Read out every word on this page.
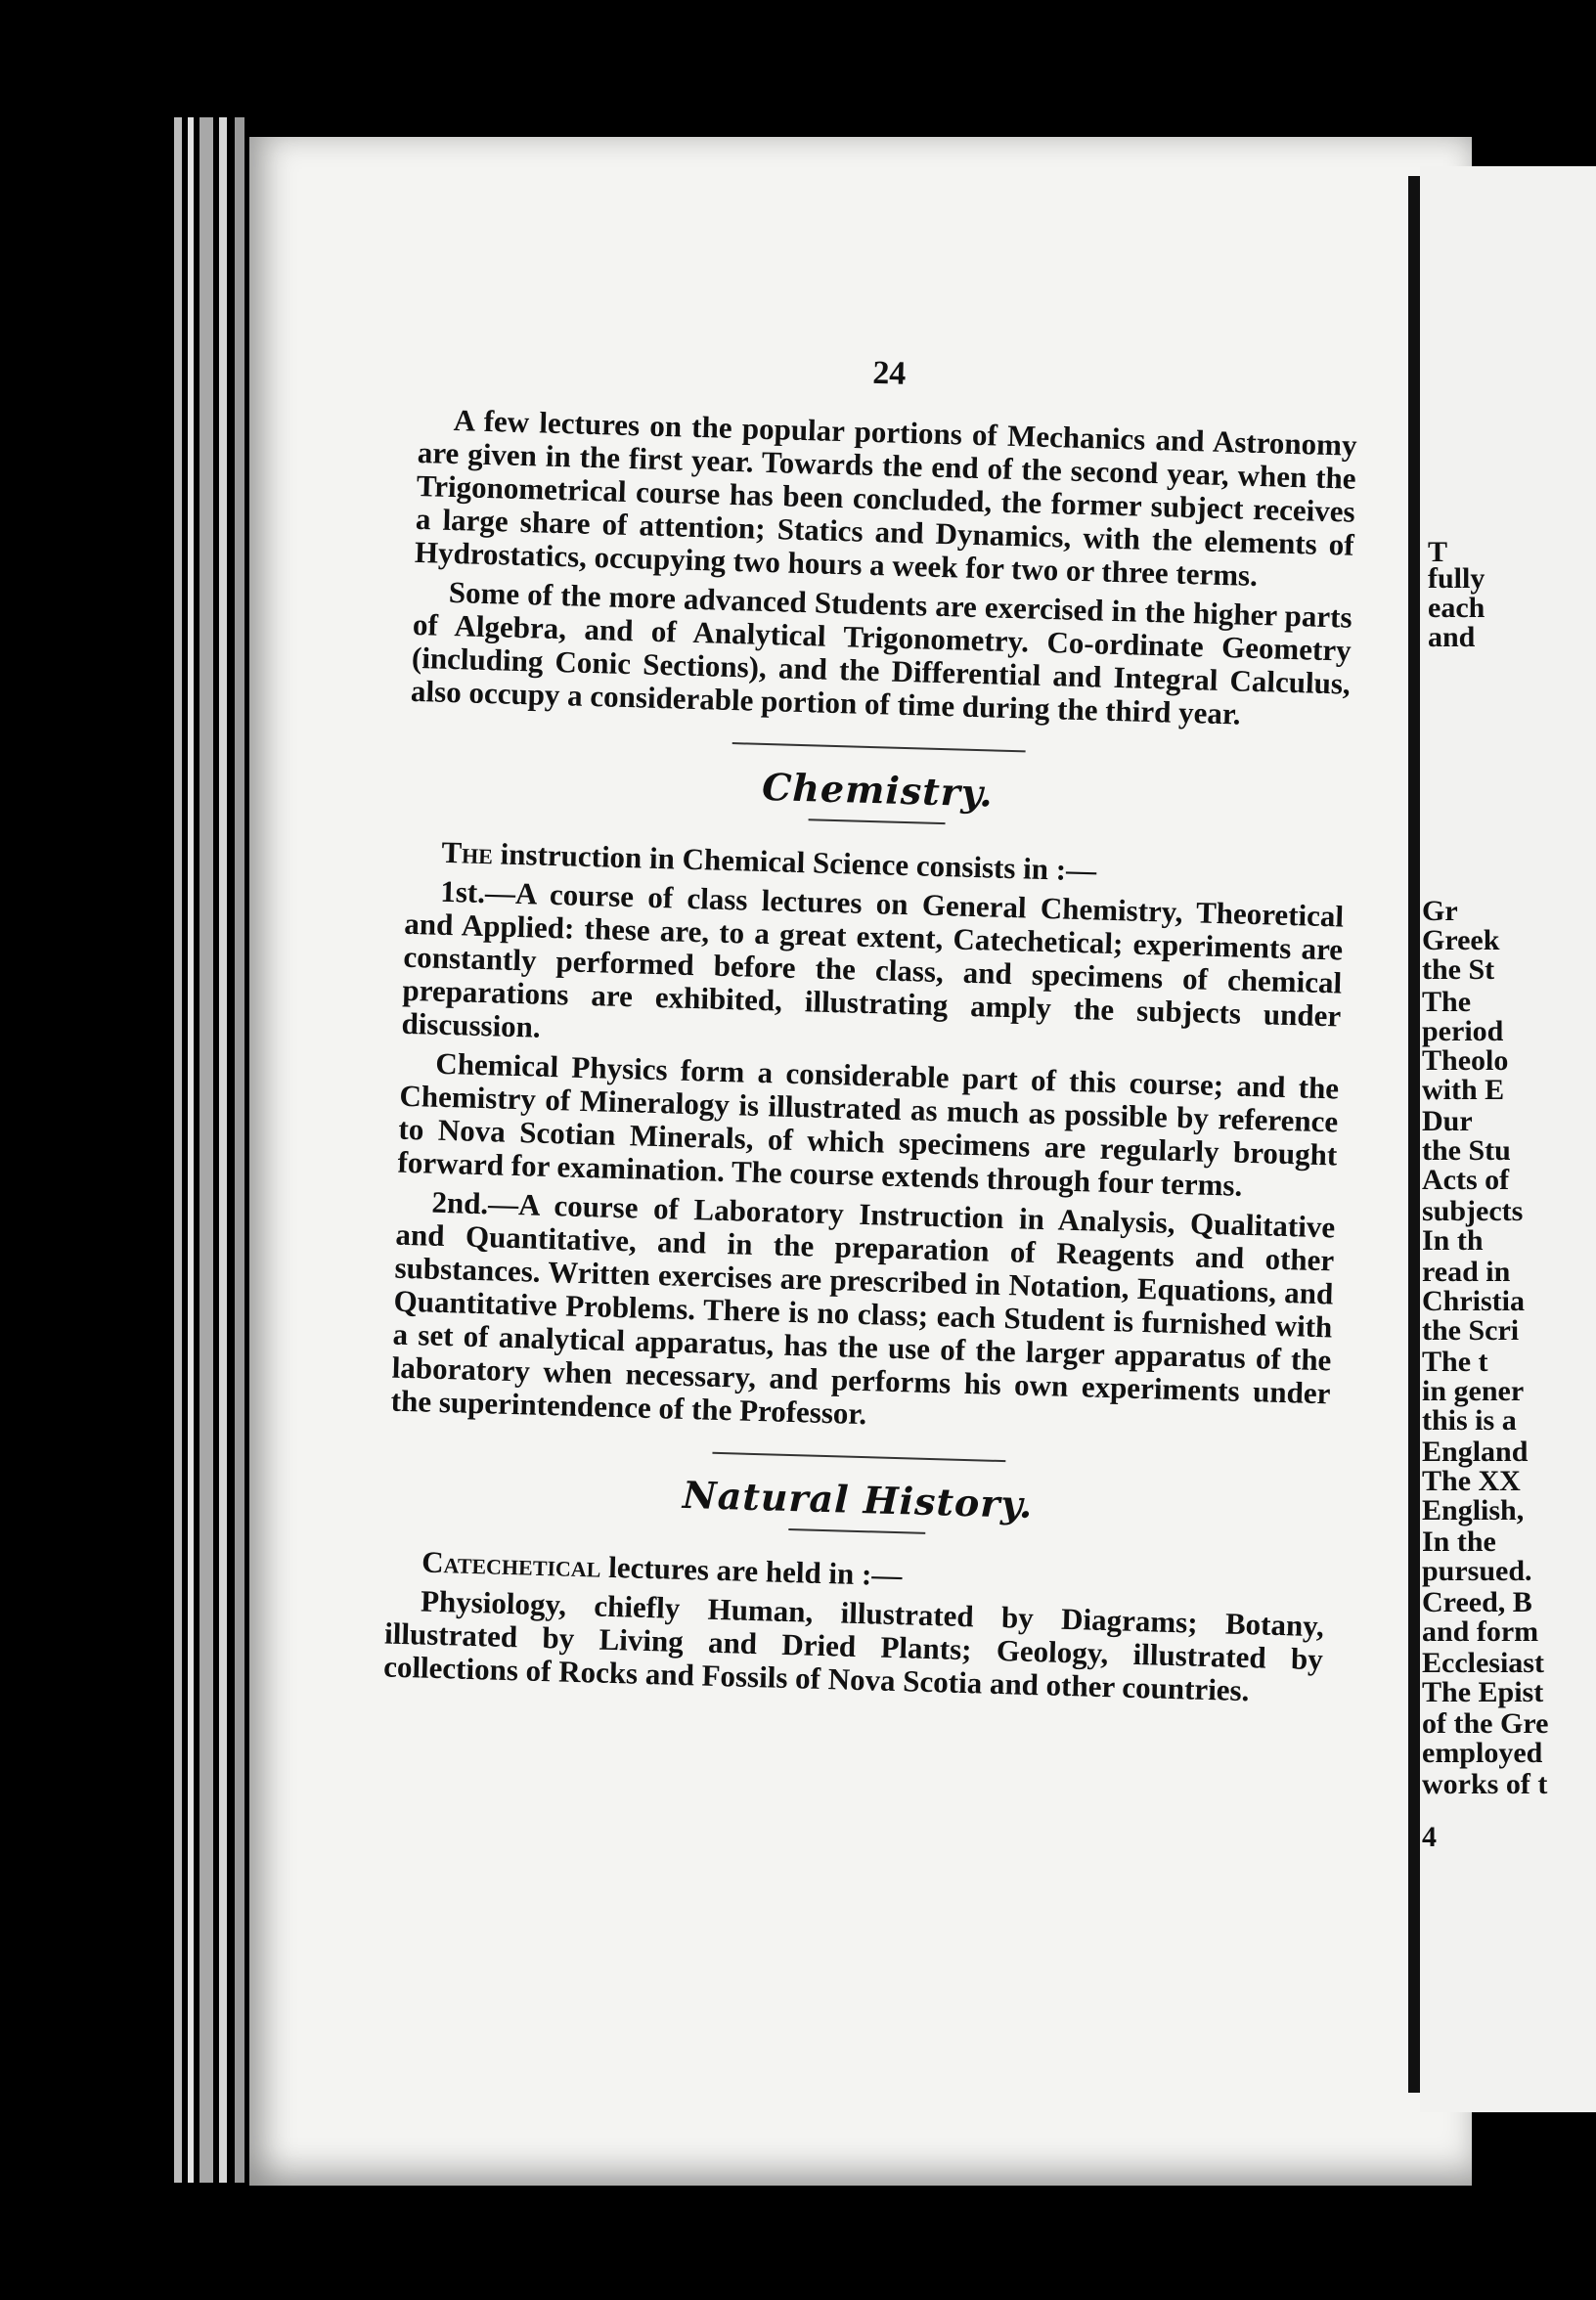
T
fully
each
and
Gr
Greek
the St
The
period
Theolo
with E
Dur
the Stu
Acts of
subjects
In th
read in
Christia
the Scri
The t
in gener
this is a
England
The XX
English,
In the
pursued.
Creed, B
and form
Ecclesiast
The Epist
of the Gre
employed
works of t
4
24

A few lectures on the popular portions of Mechanics and Astronomy are given in the first year. Towards the end of the second year, when the Trigonometrical course has been concluded, the former subject receives a large share of attention; Statics and Dynamics, with the elements of Hydrostatics, occupying two hours a week for two or three terms.

Some of the more advanced Students are exercised in the higher parts of Algebra, and of Analytical Trigonometry. Co-ordinate Geometry (including Conic Sections), and the Differential and Integral Calculus, also occupy a considerable portion of time during the third year.

Chemistry.

The instruction in Chemical Science consists in :—

1st.—A course of class lectures on General Chemistry, Theoretical and Applied: these are, to a great extent, Catechetical; experiments are constantly performed before the class, and specimens of chemical preparations are exhibited, illustrating amply the subjects under discussion.

Chemical Physics form a considerable part of this course; and the Chemistry of Mineralogy is illustrated as much as possible by reference to Nova Scotian Minerals, of which specimens are regularly brought forward for examination. The course extends through four terms.

2nd.—A course of Laboratory Instruction in Analysis, Qualitative and Quantitative, and in the preparation of Reagents and other substances. Written exercises are prescribed in Notation, Equations, and Quantitative Problems. There is no class; each Student is furnished with a set of analytical apparatus, has the use of the larger apparatus of the laboratory when necessary, and performs his own experiments under the superintendence of the Professor.

Natural History.

Catechetical lectures are held in :—

Physiology, chiefly Human, illustrated by Diagrams; Botany, illustrated by Living and Dried Plants; Geology, illustrated by collections of Rocks and Fossils of Nova Scotia and other countries.
